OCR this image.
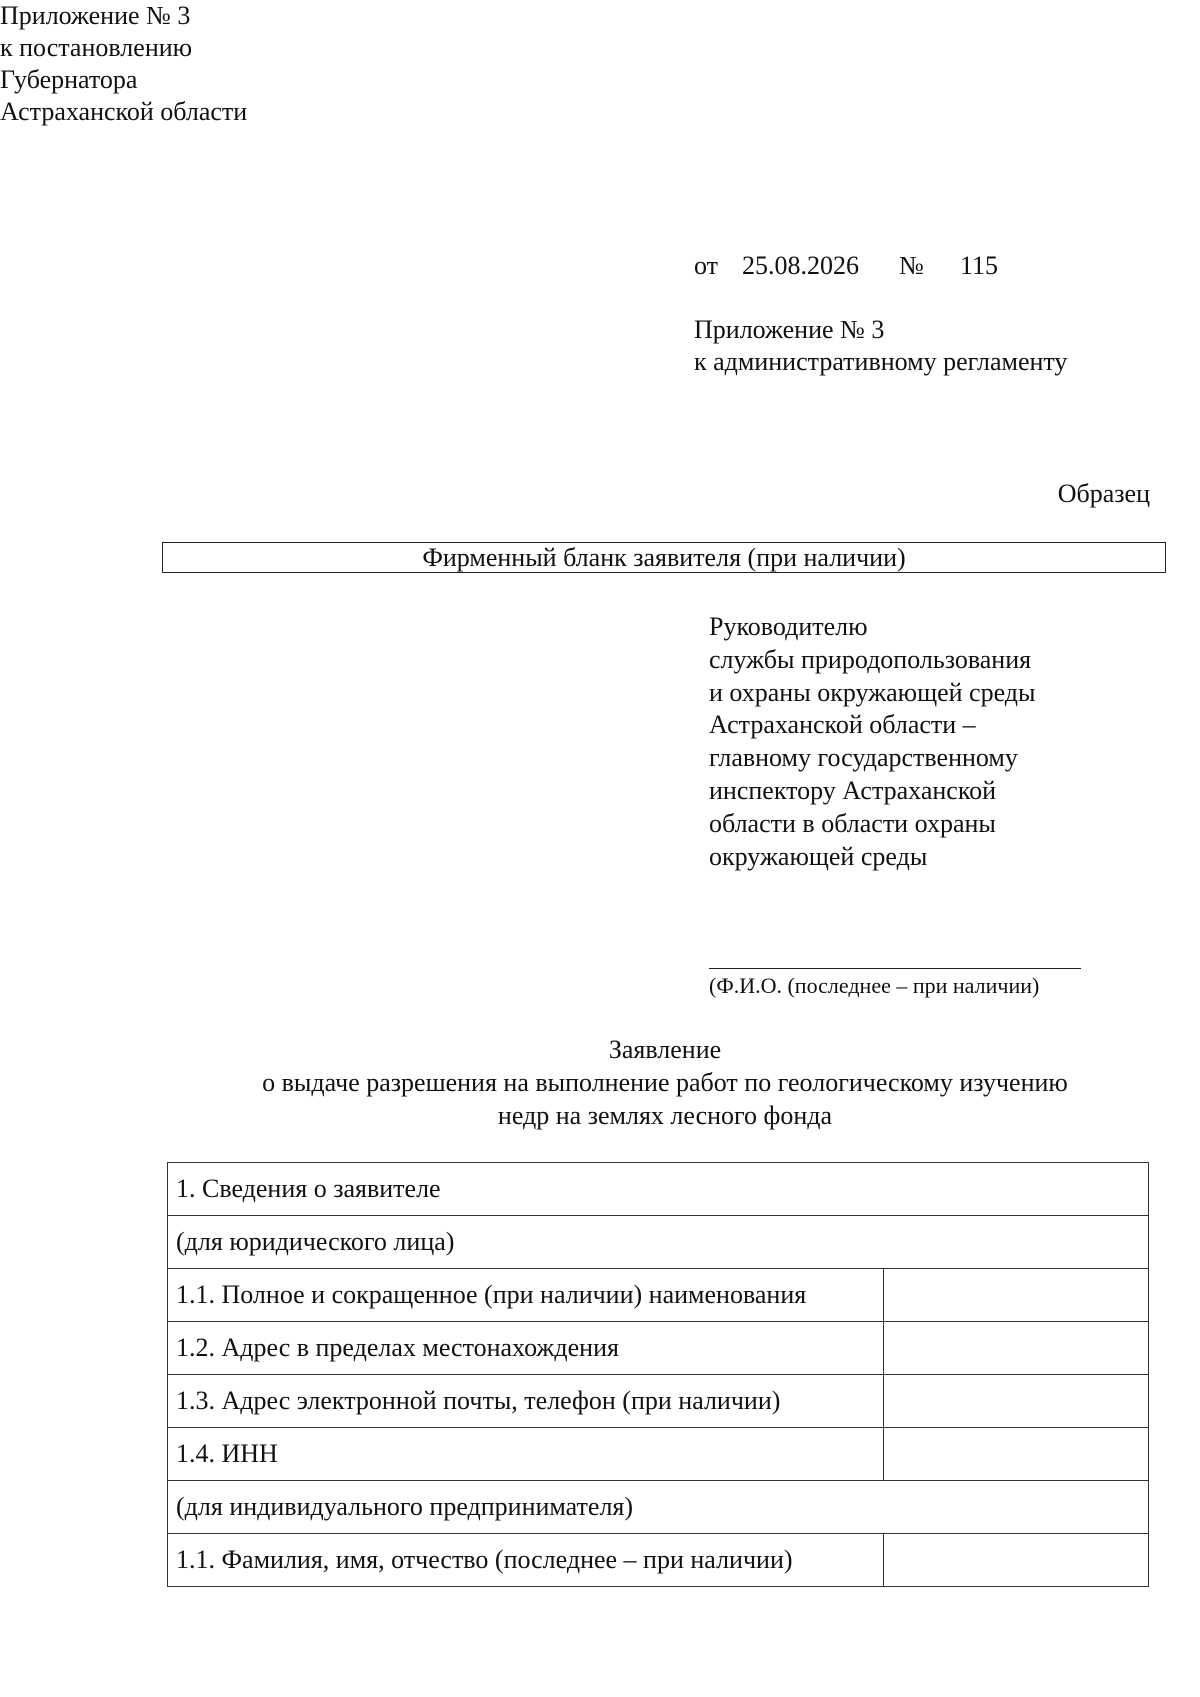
Приложение № 3
к постановлению
Губернатора
Астраханской области
от 25.08.2026 № 115
Приложение № 3
к административному регламенту
Образец
Фирменный бланк заявителя (при наличии)
Руководителю
службы природопользования
и охраны окружающей среды
Астраханской области –
главному государственному
инспектору Астраханской
области в области охраны
окружающей среды
(Ф.И.О. (последнее – при наличии)
Заявление
о выдаче разрешения на выполнение работ по геологическому изучению
недр на землях лесного фонда
1. Сведения о заявителе	
(для юридического лица)	
1.1. Полное и сокращенное (при наличии) наименования	
1.2. Адрес в пределах местонахождения	
1.3. Адрес электронной почты, телефон (при наличии)	
1.4. ИНН	
(для индивидуального предпринимателя)	
1.1. Фамилия, имя, отчество (последнее – при наличии)	
